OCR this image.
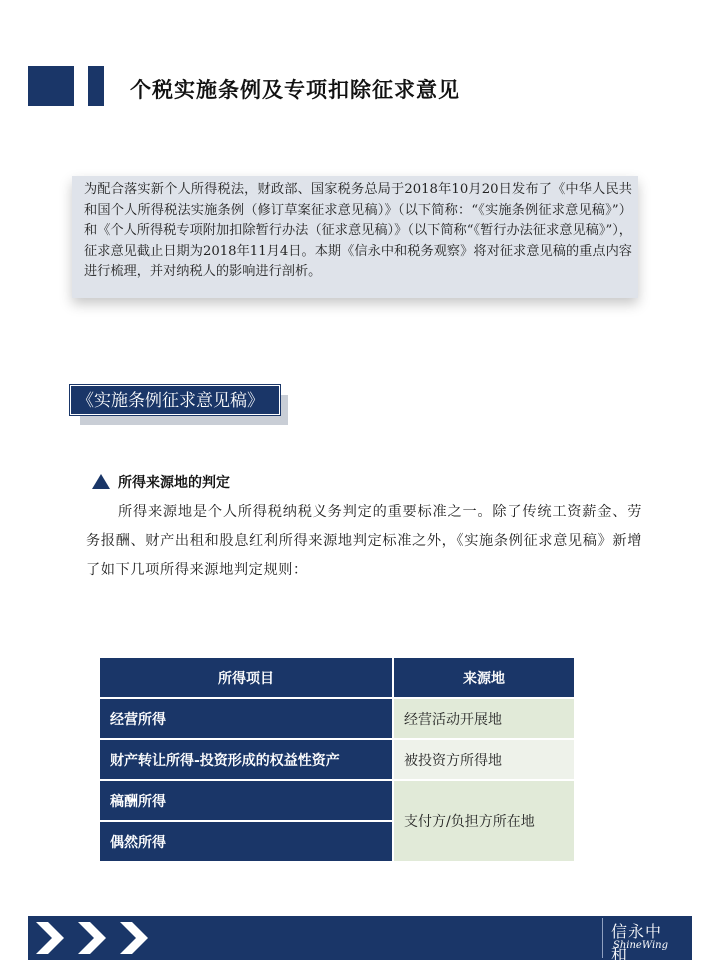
个税实施条例及专项扣除征求意见
为配合落实新个人所得税法，财政部、国家税务总局于2018年10月20日发布了《中华人民共和国个人所得税法实施条例（修订草案征求意见稿）》（以下简称：“《实施条例征求意见稿》”）和《个人所得税专项附加扣除暂行办法（征求意见稿）》（以下简称“《暂行办法征求意见稿》”），征求意见截止日期为2018年11月4日。本期《信永中和税务观察》将对征求意见稿的重点内容进行梳理，并对纳税人的影响进行剖析。
《实施条例征求意见稿》
所得来源地的判定
所得来源地是个人所得税纳税义务判定的重要标准之一。除了传统工资薪金、劳务报酬、财产出租和股息红利所得来源地判定标准之外，《实施条例征求意见稿》新增了如下几项所得来源地判定规则：
所得项目	来源地
经营所得	经营活动开展地
财产转让所得-投资形成的权益性资产	被投资方所得地
稿酬所得	支付方/负担方所在地
偶然所得	
信永中和
ShineWing
